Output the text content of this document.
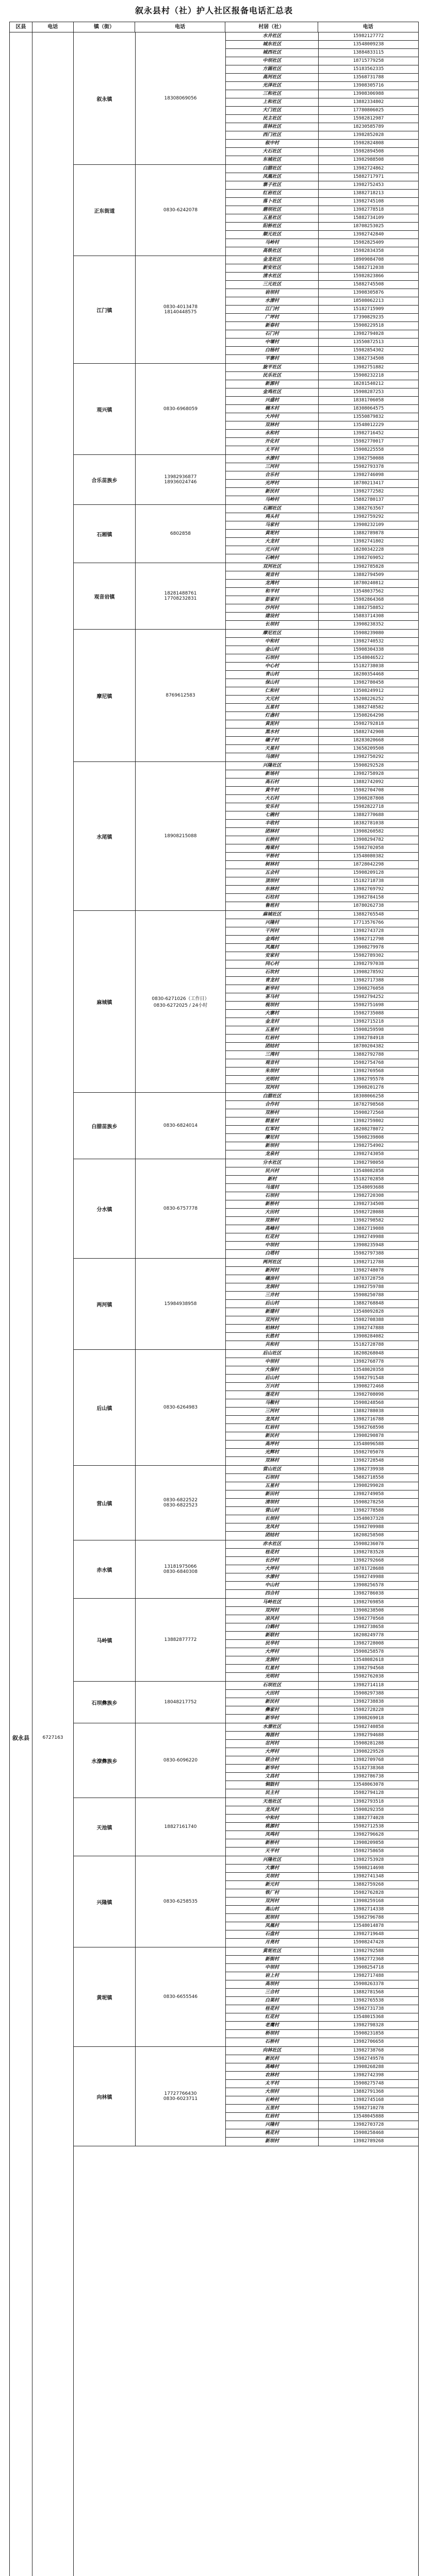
叙永县村（社）护人社区报备电话汇总表
区县	电话	镇（街）	电话	村居（社）	电话
叙永县	6727163
叙永镇	18308069056
水井社区	15982127772
城东社区	13548009238
城西社区	13884833115
中坝社区	18715779258
方圆社区	15183562335
高河社区	13568731788
光泽社区	13908305716
三和社区	13908306988
上和社区	13882334802
大门社区	17780806025
民主社区	15982812987
苗林社区	18230585789
西门社区	13982852028
叙中村	15982824808
大石社区	15982894508
东城社区	13982988508
正东街道	0830-6242078
白腊社区	13982724862
凤凰社区	15882717971
寨子社区	13982752453
红岩社区	13882718213
落卜社区	13982745108
磨坝社区	13982778518
五星社区	15882734109
阳桥社区	18708253025
顺元社区	13982742840
马岭村	15982825409
高铁社区	15982834358
江门镇
0830-4013478
18140448575
金龙社区	18909084708
新安社区	15882712038
清水社区	15982823866
三元社区	15882745508
岩坝村	13908305876
水潦村	18508062213
江门村	15182715909
广坪村	17390829235
新春村	15908229518
石门村	13982794028
中堰村	13550872513
白杨村	15982854302
平寨村	13882734508
观兴镇	0830-6968059
旋平社区	13982751882
民乐社区	15908232218
新源村	18281540212
金鸡社区	15908287253
兴盛村	18381706058
楠木村	18308064575
大冲村	13550879832
双林村	13548012229
永和村	13982716452
开化村	15982770017
太平村	15908225558
合乐苗族乡
13982936877
18936024746
水潦村	13982750088
三河村	15982793378
合乐村	13982746098
光坪村	18780213417
新民村	13982772582
马岭村	15882780137
石厢镇	6802858
石厢社区	13882763567
鸡头村	13982759292
马家村	13908232109
黄坭村	13882789878
大龙村	13982741802
元兴村	18280342228
石峡村	13982769052
观音岩镇
18281488761
17708232831
双河社区	13982785828
观音村	13882794509
龙湾村	18780240812
和平村	13548037562
彭家村	15982864368
沙河村	13882758852
建设村	15883714308
长坝村	13908238352
摩尼镇	8769612583
摩尼社区	15908239080
中和村	13982740532
金山村	15908304338
石坝村	13548046522
中心村	15182738038
青山村	18280354468
保山村	13982780458
仁和村	13508249912
大元村	15208226252
五星村	13882748582
灯盏村	13508264298
黄泥村	15982792818
黑水村	15882742908
碾子村	18283020668
天星村	13658209508
马颈村	13982750292
水尾镇	18908215088
兴隆社区	15908292528
新场村	13982758928
高石村	13882742092
黄牛村	15982704708
大石村	13908287808
安乐村	15982822718
七碗村	13882770688
丰收村	18382781038
团林村	13908260582
长秧村	13908294782
海棠村	15982702058
平桥村	13548080382
树林村	18728042298
五会村	15908209128
顶坝村	15182718738
东林村	13982769792
石柱村	13982784158
鲁班村	18780262738
麻城镇
0830-6271026（工作日）
0830-6272025 / 24小时
麻城社区	13882765548
兴隆村	17713576766
干河村	13982743728
金鸡村	15982712798
凤凰村	13908279978
安家村	15982789302
同心村	13982797038
石坎村	13908278592
青龙村	13982717388
新华村	13908276058
茶马村	15982794252
枧坝村	15982751698
大寨村	15982735088
金龙村	13982715218
五星村	15908259598
红岩村	13982784918
团结村	18780204382
三湾村	13882792788
观音村	15982754768
朱坝村	13982769568
光明村	13982795578
双河村	13908201278
白腊苗族乡	0830-6824014
白腊社区	18308066258
合作村	18782798568
双桥村	15908272568
群星村	13982759802
红军村	18208278072
摩尼村	15908239808
新坝村	13982754902
龙泉村	13982743058
分水镇	0830-6757778
分水社区	13982798058
民兴村	13548082858
新村	15182702858
马道村	13548093688
石坝村	13982720308
新桥村	13982734508
大田村	15982728088
双桥村	13982798582
高峰村	13882719088
红花村	13982749988
中坝村	13908235948
白塔村	15982797388
两河镇	15984938958
两河社区	13982712788
新河村	13982748078
碾房村	18783728758
龙洞村	13982759788
三井村	15908250788
后山村	13882768848
新建村	13548092828
双河村	15982708388
柏林村	13982747888
长胜村	13908284082
共和村	15182728788
后山镇	0830-6264983
后山社区	18208268048
中坝村	13982768778
大保村	13548020358
后山村	15982791548
万兴村	13908272468
莲花村	13982708098
马鞍村	15908248568
三河村	13882788038
龙凤村	13982716788
红岩村	15982768598
新民村	13908290878
高坪村	13548096588
光辉村	15982705078
双林村	13982728548
营山镇
0830-6822522
0830-6822523
营山社区	13982739938
石坝村	15882718558
五星村	13908299028
新田村	13982749058
清坝村	15908278258
营山村	13982778588
长坝村	13548037328
龙凤村	15982709988
团结村	18208258508
赤水镇
13181975066
0830-6840308
赤水社区	15908236078
桂花村	13982783528
长沙村	13982792668
大坪村	18781728688
水潦村	15982749988
中山村	13908256578
四合村	13982786038
马岭镇	13882877772
马岭社区	13982769858
双河村	13908238508
凉风村	15982770568
白鹤村	13982738658
新联村	18208249778
民华村	13982728008
大坪村	15908258578
龙洞村	13548082618
红星村	13982794568
光明村	15982762038
石坝彝族乡	18048217752
石坝社区	13982714118
大田村	15908297388
新民村	13982738838
彝家村	15982728228
新华村	13908269018
水潦彝族乡	0830-6096220
水潦社区	15982740858
海涯村	13982794688
岔河村	15908281288
大坪村	13908229528
联合村	13982709768
新华村	15182738368
文昌村	13982786738
铜鼓村	13548063078
民主村	15982794128
天池镇	18827161740
天池社区	13982793518
龙凤村	15908292358
中和村	13882774028
桃源村	15982712538
凤鸣村	13982796628
新桥村	13908209858
天平村	15982758658
兴隆镇	0830-6258535
兴隆社区	13982753928
大寨村	15908214698
关坝村	13982741348
新元村	13882759268
铁厂村	15982762828
双河村	13908259168
高山村	13982714338
泥坝村	15982796788
凤凰村	13548014878
石盘村	13982719648
月亮村	15908247428
黄坭镇	0830-6655546
黄坭社区	13982792588
新街村	15982772368
中坝村	13908254718
岩上村	13982717488
高坝村	15908263378
三合村	13882781568
白果村	13982765538
桂花村	15982731738
红花村	13548015368
老鹰村	13982798328
桥坝村	15908231858
石桥村	13982706658
向林镇
17727766430
0830-6023711
向林社区	13982738768
新民村	15982749578
高峰村	13908268288
农林村	13982742398
太平村	15908275748
大坝村	13882791368
长岭村	13982745168
五里村	15982710278
红岩村	13548045888
兴隆村	13982703728
桃花村	15908258468
新坝村	13982789268
